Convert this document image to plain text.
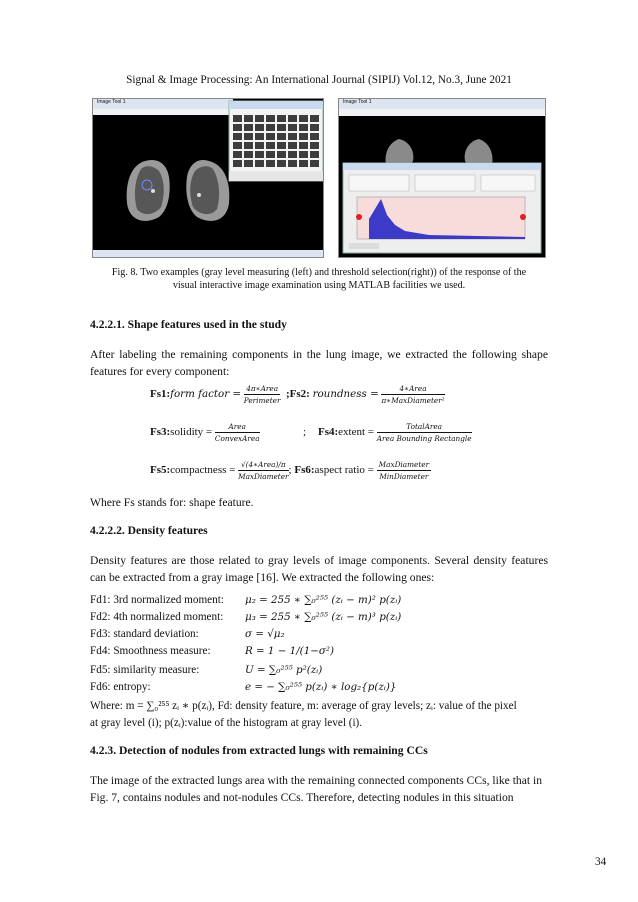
Signal & Image Processing: An International Journal (SIPIJ) Vol.12, No.3, June 2021
Image Tool 1	Image Tool 1
Fig. 8. Two examples (gray level measuring (left) and threshold selection(right)) of the response of the
visual interactive image examination using MATLAB facilities we used.
4.2.2.1. Shape features used in the study
After labeling the remaining components in the lung image, we extracted the following shape features for every component:
Fs1:form factor = $\frac{\text{4π∗Area}}{\text{Perimeter}}$ ;Fs2: roundness = $\frac{\text{4∗Area}}{\text{π∗MaxDiameter²}}$
Fs3:solidity = $\frac{\text{Area}}{\text{ConvexArea}}$	; Fs4:extent = $\frac{\text{TotalArea}}{\text{Area Bounding Rectangle}}$
Fs5:compactness = $\frac{\text{√(4∗Area)/π}}{\text{MaxDiameter}}$ ; Fs6:aspect ratio = $\frac{\text{MaxDiameter}}{\text{MinDiameter}}$
Where Fs stands for: shape feature.
4.2.2.2. Density features
Density features are those related to gray levels of image components. Several density features can be extracted from a gray image [16]. We extracted the following ones:
Fd1: 3rd normalized moment: μ₂ = 255 ∗ ∑₀²⁵⁵ (zᵢ − m)² p(zᵢ)
Fd2: 4th normalized moment: μ₃ = 255 ∗ ∑₀²⁵⁵ (zᵢ − m)³ p(zᵢ)
Fd3: standard deviation:	σ = √μ₂
Fd4: Smoothness measure:	R = 1 − 1/(1−σ²)
Fd5: similarity measure:	U = ∑₀²⁵⁵ p²(zᵢ)
Fd6: entropy:	e = − ∑₀²⁵⁵ p(zᵢ) ∗ log₂{p(zᵢ)}
Where: m = ∑₀²⁵⁵ zᵢ ∗ p(zᵢ), Fd: density feature, m: average of gray levels; zᵢ: value of the pixel
at gray level (i); p(zᵢ):value of the histogram at gray level (i).
4.2.3. Detection of nodules from extracted lungs with remaining CCs
The image of the extracted lungs area with the remaining connected components CCs, like that in
Fig. 7, contains nodules and not-nodules CCs. Therefore, detecting nodules in this situation
34
